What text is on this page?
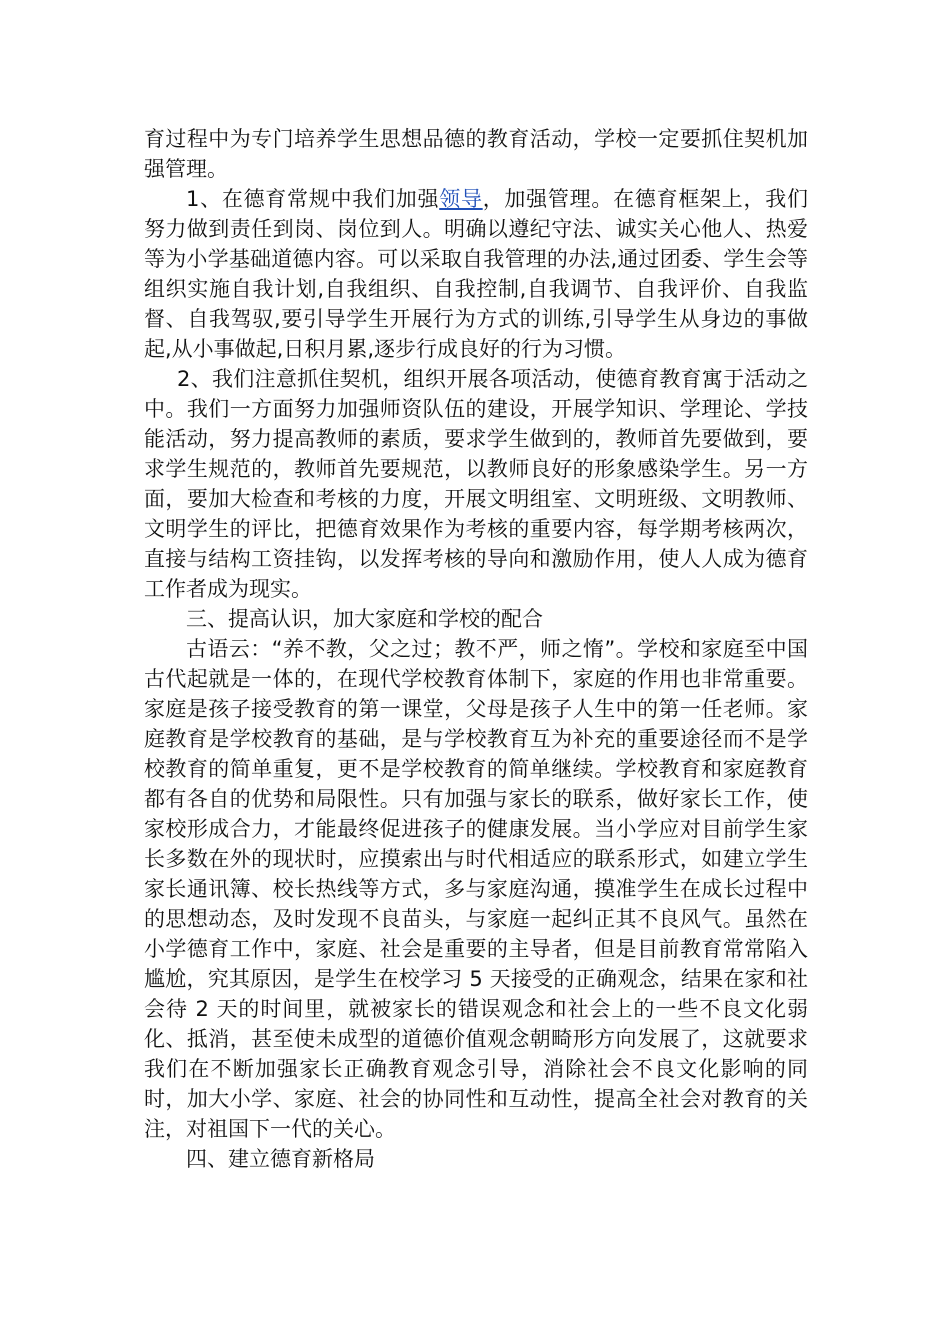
育过程中为专门培养学生思想品德的教育活动，学校一定要抓住契机加强管理。

1、在德育常规中我们加强领导，加强管理。在德育框架上，我们努力做到责任到岗、岗位到人。明确以遵纪守法、诚实关心他人、热爱等为小学基础道德内容。可以采取自我管理的办法,通过团委、学生会等组织实施自我计划,自我组织、自我控制,自我调节、自我评价、自我监督、自我驾驭,要引导学生开展行为方式的训练,引导学生从身边的事做起,从小事做起,日积月累,逐步行成良好的行为习惯。

2、我们注意抓住契机，组织开展各项活动，使德育教育寓于活动之中。我们一方面努力加强师资队伍的建设，开展学知识、学理论、学技能活动，努力提高教师的素质，要求学生做到的，教师首先要做到，要求学生规范的，教师首先要规范，以教师良好的形象感染学生。另一方面，要加大检查和考核的力度，开展文明组室、文明班级、文明教师、文明学生的评比，把德育效果作为考核的重要内容，每学期考核两次，直接与结构工资挂钩，以发挥考核的导向和激励作用，使人人成为德育工作者成为现实。

三、提高认识，加大家庭和学校的配合

古语云：“养不教，父之过；教不严，师之惰”。学校和家庭至中国古代起就是一体的，在现代学校教育体制下，家庭的作用也非常重要。家庭是孩子接受教育的第一课堂，父母是孩子人生中的第一任老师。家庭教育是学校教育的基础，是与学校教育互为补充的重要途径而不是学校教育的简单重复，更不是学校教育的简单继续。学校教育和家庭教育都有各自的优势和局限性。只有加强与家长的联系，做好家长工作，使家校形成合力，才能最终促进孩子的健康发展。当小学应对目前学生家长多数在外的现状时，应摸索出与时代相适应的联系形式，如建立学生家长通讯簿、校长热线等方式，多与家庭沟通，摸准学生在成长过程中的思想动态，及时发现不良苗头，与家庭一起纠正其不良风气。虽然在小学德育工作中，家庭、社会是重要的主导者，但是目前教育常常陷入尴尬，究其原因，是学生在校学习 5 天接受的正确观念，结果在家和社会待 2 天的时间里，就被家长的错误观念和社会上的一些不良文化弱化、抵消，甚至使未成型的道德价值观念朝畸形方向发展了，这就要求我们在不断加强家长正确教育观念引导，消除社会不良文化影响的同时，加大小学、家庭、社会的协同性和互动性，提高全社会对教育的关注，对祖国下一代的关心。

四、建立德育新格局
